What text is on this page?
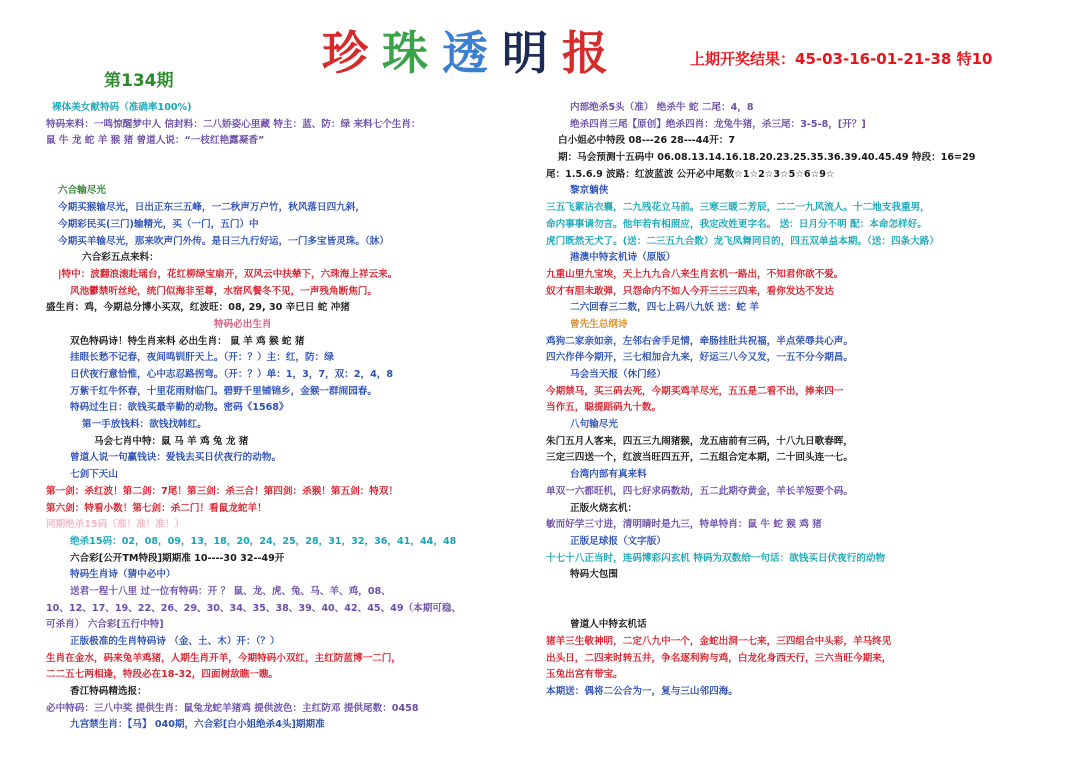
珍 珠 透 明 报
第134期
上期开奖结果：45-03-16-01-21-38 特10
裸体美女献特码（准确率100%)
特码来料：一鸣惊醒梦中人 信封料：二八娇姿心里藏 特主：蓝、防：绿 来料七个生肖：
鼠 牛 龙 蛇 羊 猴 猪 曾道人说：“一枝红艳露凝香”
六合输尽光
今期买猴输尽光，日出正东三五峰，一二秋声万户竹，秋风落日四九斜，
今期彩民买(三门)输精光，买（一门，五门）中
今期买羊输尽光，那来吹声门外传。是日三九行好运，一门多宝皆灵珠。（牀）
六合彩五点来料：
|特中：波翻浪滚赴瑶台，花红柳绿宝扇开，双风云中扶辇下，六珠海上祥云来。
风池鬱禁听丝纶，统门似海非至尊，水宿风餐冬不见，一声残角断焦门。
盛生肖：鸡，今期总分博小买双，红波旺：08, 29, 30 辛巳日 蛇 冲猪
特码必出生肖
双色特码诗！特生肖来料 必出生肖： 鼠 羊 鸡 猴 蛇 猪
挂眼长愁不记春，夜间鸣钏肝天上。（开：？）主：红，防：绿
日伏夜行意恰惟，心中志忍路拐弯。（开：？）单：1，3，7，双：2，4，8
万紫千红牛怀春，十里花雨财临门。碧野千里铺锦乡，金猴一群闹园春。
特码过生日：欲钱买最辛勤的动物。密码《1568》
第一手放钱料：欲钱找韩红。
马会七肖中特：鼠 马 羊 鸡 兔 龙 猪
曾道人说一句赢钱诀：爱钱去买日伏夜行的动物。
七剑下天山
第一剑：杀红波！第二剑：7尾！第三剑：杀三合！第四剑：杀猴！第五剑：特双！
第六剑：特看小数！第七剑：杀二门！看鼠龙蛇羊！
同期绝杀15码（准！准！准！）
绝杀15码：02，08，09，13，18，20，24，25，28，31，32，36，41，44，48
六合彩[公开TM特段]期期准 10----30 32--49开
特码生肖诗（猜中必中）
送君一程十八里 过一位有特码：开 ？ 鼠、龙、虎、兔、马、羊、鸡，08、
10、12、17、19、22、26、29、30、34、35、38、39、40、42、45、49（本期可稳、
可杀肖） 六合彩[五行中特]
正版极准的生肖特码诗 （金、土、木）开：（？）
生肖在金水，码来兔羊鸡猪，人期生肖开羊，今期特码小双红，主红防蓝博一二门，
二二五七两相逢，特段必在18-32，四面树敌瞧一瞧。
香江特码精选报：
必中特码：三八中奖 提供生肖：鼠兔龙蛇羊猪鸡 提供波色：主红防邓 提供尾数：0458
九宫禁生肖：【马】 040期，六合彩[白小姐绝杀4头]期期准
内部绝杀5头（准） 绝杀牛 蛇 二尾：4，8
绝杀四肖三尾【原创】绝杀四肖：龙兔牛猪，杀三尾：3-5-8，[开？]
白小姐必中特段 08---26 28---44开：7
期：马会预测十五码中 06.08.13.14.16.18.20.23.25.35.36.39.40.45.49 特段：16=29
尾：1.5.6.9 波路：红波蓝波 公开必中尾数☆1☆2☆3☆5☆6☆9☆
黎京躺侠
三五飞絮沾衣襄，二九残花立马前。三寒三暖二芳辰，二二一九风流人。十二地支我重男，
命内事事请勿言。他年若有相照应，我定改姓更字名。 送：日月分不明 配：本命怎样好。
虎门既然无犬了。(送：二三五九合数）龙飞凤舞同目的，四五双单益本期。（送：四条大路）
港澳中特玄机诗（原版）
九重山里九宝埃，天上九九合八来生肖玄机一路出，不知君你欲不爱。
奴才有胆未敢弹，只怨命内不如人今开三三三四来，看你发达不发达
二六回春三二数，四七上码八九妖 送：蛇 羊
曾先生总纲诗
鸡狗二家亲如亲，左邻右舍手足情，牵肠挂肚共祝福，半点荣辱共心声。
四六作伴今期开，三七相加合九来，好运三八今又发，一五不分今期昌。
马会当天报（休门经）
今期禁马，买三码去死，今期买鸡羊尽光，五五是二看不出，捧来四一
当作五，聪提蹈码九十数。
八句输尽光
朱门五月人客来，四五三九闹猪猴，龙五庙前有三码，十八九日歌春晖，
三定三四送一个，红波当旺四五开，二五组合定本期，二十回头连一七。
台湾内部有真来料
单双一六都旺机，四七好求码数劫，五二此期夺黄金，羊长羊短要个码。
正版火烧玄机：
敏而好学三寸进，清明睛时是九三，特单特肖：鼠 牛 蛇 猴 鸡 猪
正版足球报（文字版）
十七十八正当时，连码博彩闪玄机 特码为双数给一句话：欲钱买日伏夜行的动物
特码大包围
曾道人中特玄机话
猪羊三生敬神明，二定八九中一个，金蛇出洞一七来，三四组合中头彩，羊马终见
出头日，二四来时转五井，争名逐利狗与鸡，白龙化身西天行，三六当旺今期来，
玉兔出宫有带宝。
本期送：偶将二公合为一，复与三山邻四海。
